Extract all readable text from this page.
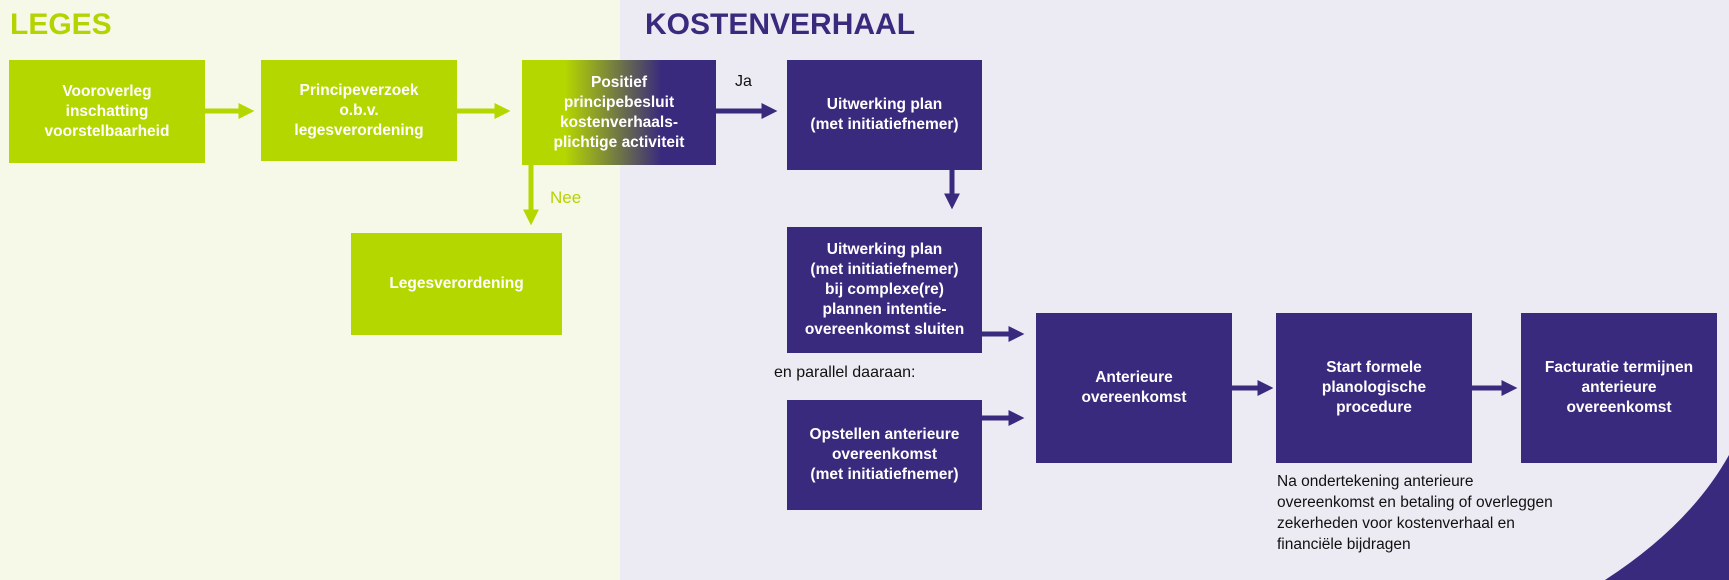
LEGES	KOSTENVERHAAL
Vooroverleg
inschatting
voorstelbaarheid
Principeverzoek
o.b.v.
legesverordening
Positief
principebesluit
kostenverhaals-
plichtige activiteit
Legesverordening
Uitwerking plan
(met initiatiefnemer)
Uitwerking plan
(met initiatiefnemer)
bij complexe(re)
plannen intentie-
overeenkomst sluiten
Opstellen anterieure
overeenkomst
(met initiatiefnemer)
Anterieure
overeenkomst
Start formele
planologische
procedure
Facturatie termijnen
anterieure
overeenkomst

Ja

Nee

en parallel daaraan:

Na ondertekening anterieure
overeenkomst en betaling of overleggen
zekerheden voor kostenverhaal en
financiële bijdragen
